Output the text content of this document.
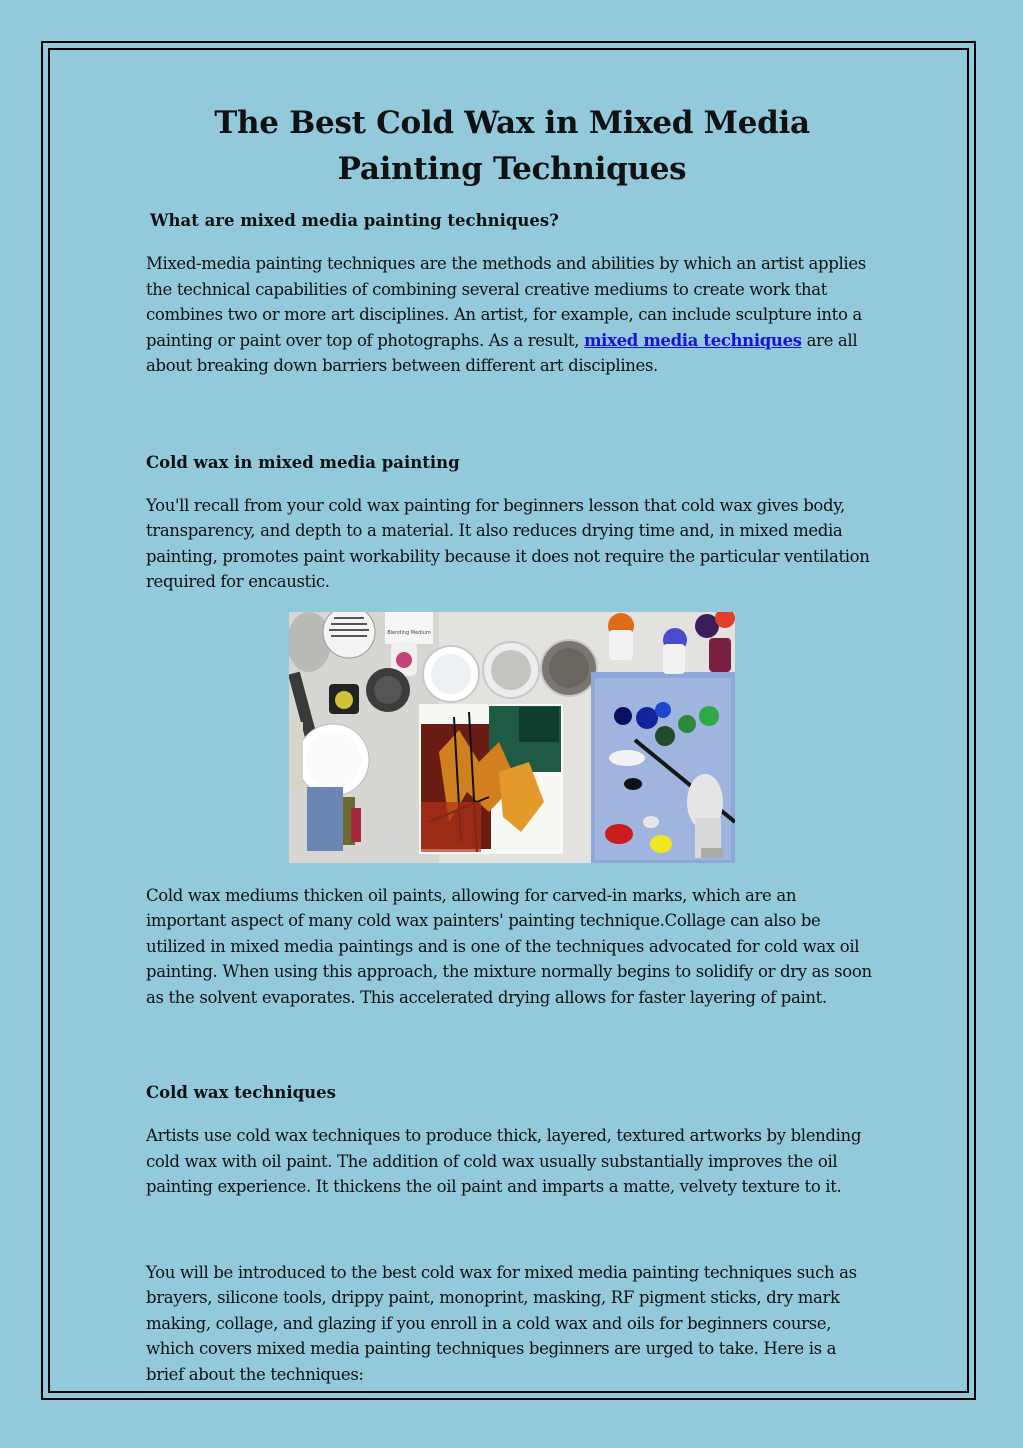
The Best Cold Wax in Mixed Media Painting Techniques
What are mixed media painting techniques?

Mixed-media painting techniques are the methods and abilities by which an artist applies the technical capabilities of combining several creative mediums to create work that combines two or more art disciplines. An artist, for example, can include sculpture into a painting or paint over top of photographs. As a result, mixed media techniques are all about breaking down barriers between different art disciplines.

Cold wax in mixed media painting

You'll recall from your cold wax painting for beginners lesson that cold wax gives body, transparency, and depth to a material. It also reduces drying time and, in mixed media painting, promotes paint workability because it does not require the particular ventilation required for encaustic.

Blending Medium

Cold wax mediums thicken oil paints, allowing for carved-in marks, which are an important aspect of many cold wax painters' painting technique.Collage can also be utilized in mixed media paintings and is one of the techniques advocated for cold wax oil painting. When using this approach, the mixture normally begins to solidify or dry as soon as the solvent evaporates. This accelerated drying allows for faster layering of paint.

Cold wax techniques

Artists use cold wax techniques to produce thick, layered, textured artworks by blending cold wax with oil paint. The addition of cold wax usually substantially improves the oil painting experience. It thickens the oil paint and imparts a matte, velvety texture to it.

You will be introduced to the best cold wax for mixed media painting techniques such as brayers, silicone tools, drippy paint, monoprint, masking, RF pigment sticks, dry mark making, collage, and glazing if you enroll in a cold wax and oils for beginners course, which covers mixed media painting techniques beginners are urged to take. Here is a brief about the techniques:
